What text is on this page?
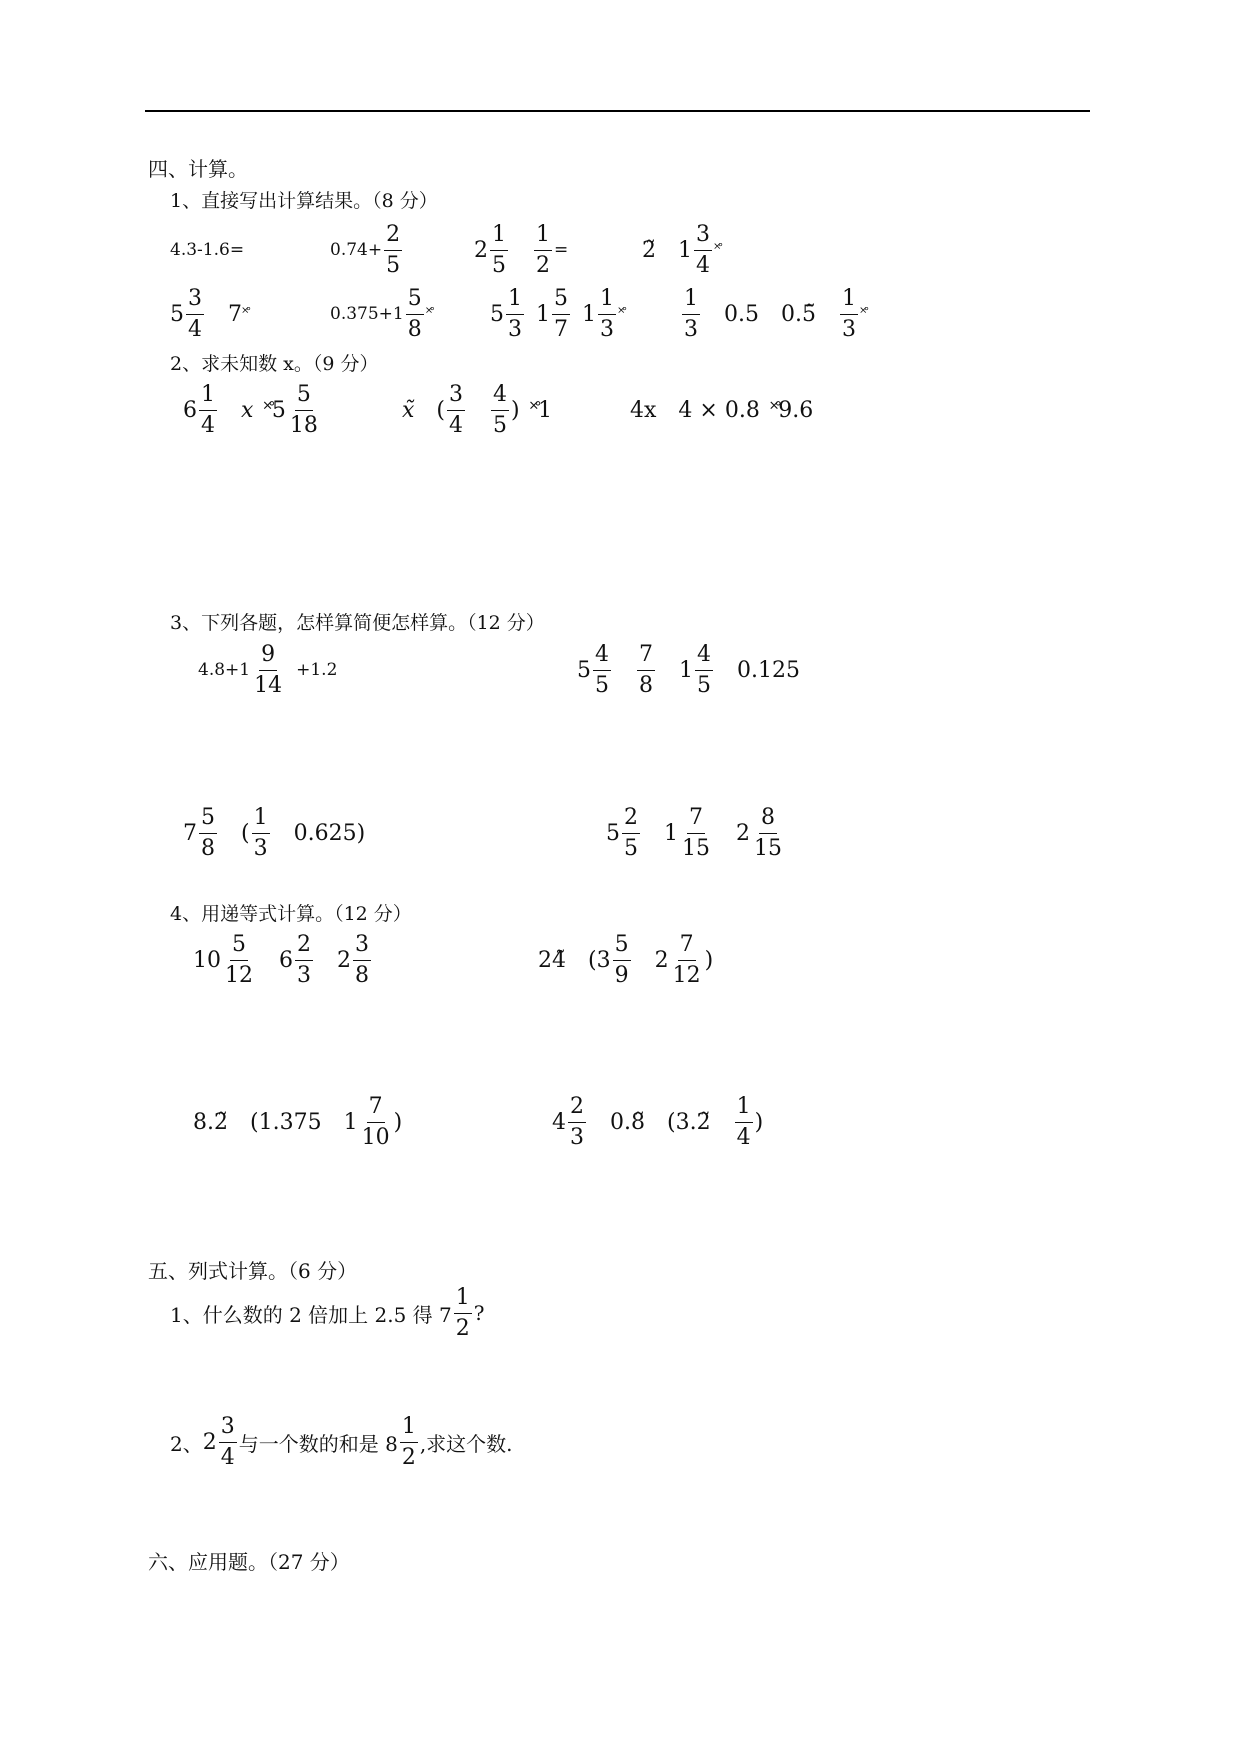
四、计算。
1、直接写出计算结果。（8 分）
4.3-1.6=	$0.74+ \frac{2}{5}$	$2 \frac{1}{5} \frac{1}{2}$ =	2̃ $1 \frac{3}{4}$ ˟̊
$5 \frac{3}{4} 7$ ˟̊	$0.375+1 \frac{5}{8}$ ˟̊	$5 \frac{1}{3} 1 \frac{5}{7} 1 \frac{1}{3}$ ˟̊	$\frac{1}{3} 0.5$ 0.5̃ $\frac{1}{3}$ ˟̊
2、求未知数 x。（9 分）
$6 \frac{1}{4}$ x ˟̊5 $\frac{5}{18}$	x̃ ( $\frac{3}{4} \frac{4}{5}$ ) ˟̊1	4x 4 × 0.8 ˟̊9.6
3、下列各题，怎样算简便怎样算。（12 分）
$4.8+1 \frac{9}{14} +1.2$	$5 \frac{4}{5} \frac{7}{8} 1 \frac{4}{5} 0.125$
$7 \frac{5}{8}$ ( $\frac{1}{3} 0.625$)	$5 \frac{2}{5} 1 \frac{7}{15} 2 \frac{8}{15}$
4、用递等式计算。（12 分）
$10 \frac{5}{12} 6 \frac{2}{3} 2 \frac{3}{8}$	24̃ ($3 \frac{5}{9} 2 \frac{7}{12}$ )
8.2̃ (1.375 $1 \frac{7}{10}$ )	$4 \frac{2}{3}$ 0.8̃ (3.2̃ $\frac{1}{4}$ )
五、列式计算。（6 分）
1、什么数的 2 倍加上 2.5 得 $7 \frac{1}{2}$ ?
2、 $2 \frac{3}{4}$ 与一个数的和是 $8 \frac{1}{2}$ ,求这个数.
六、应用题。（27 分）
